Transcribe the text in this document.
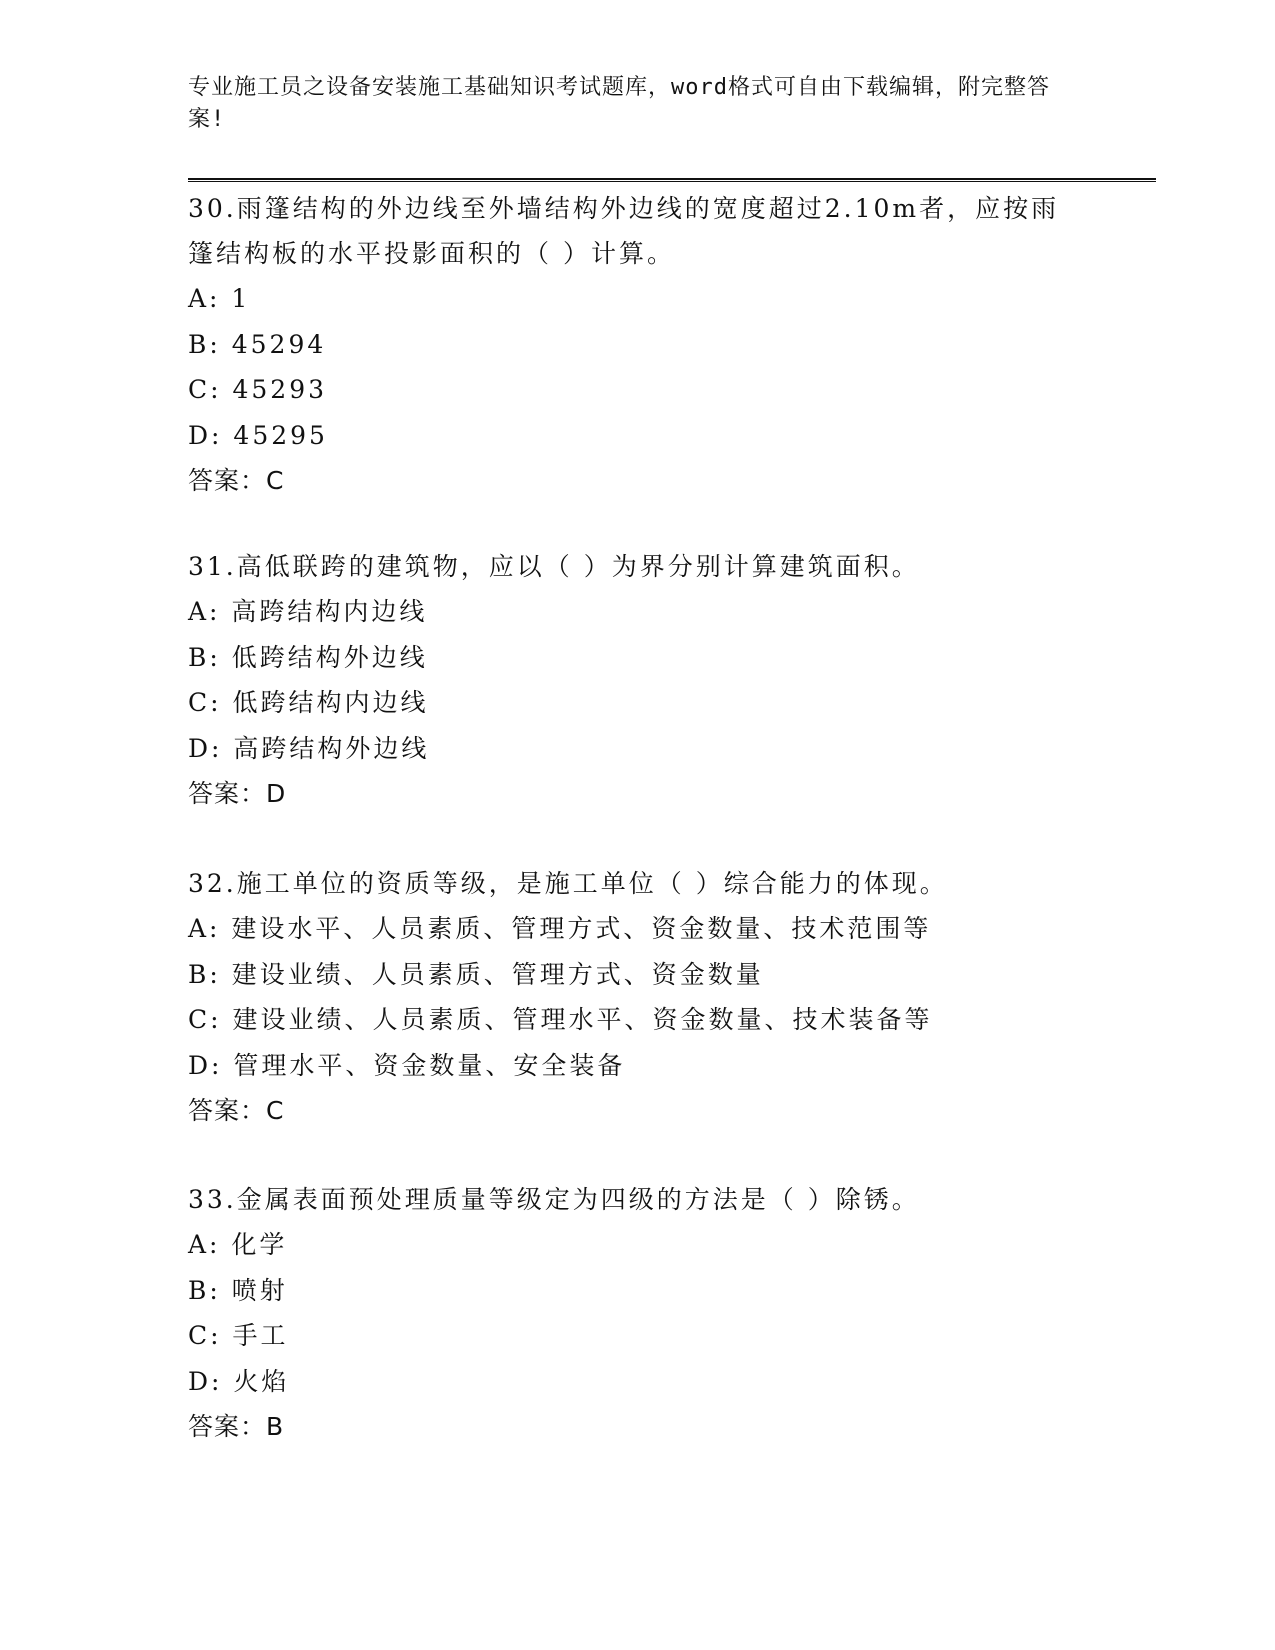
专业施工员之设备安装施工基础知识考试题库，word格式可自由下载编辑，附完整答案!

30.雨篷结构的外边线至外墙结构外边线的宽度超过2.10m者，应按雨篷结构板的水平投影面积的（ ）计算。

A: 1

B: 45294

C: 45293

D: 45295

答案：C

31.高低联跨的建筑物，应以（ ）为界分别计算建筑面积。

A: 高跨结构内边线

B: 低跨结构外边线

C: 低跨结构内边线

D: 高跨结构外边线

答案：D

32.施工单位的资质等级，是施工单位（ ）综合能力的体现。

A: 建设水平、人员素质、管理方式、资金数量、技术范围等

B: 建设业绩、人员素质、管理方式、资金数量

C: 建设业绩、人员素质、管理水平、资金数量、技术装备等

D: 管理水平、资金数量、安全装备

答案：C

33.金属表面预处理质量等级定为四级的方法是（ ）除锈。

A: 化学

B: 喷射

C: 手工

D: 火焰

答案：B
